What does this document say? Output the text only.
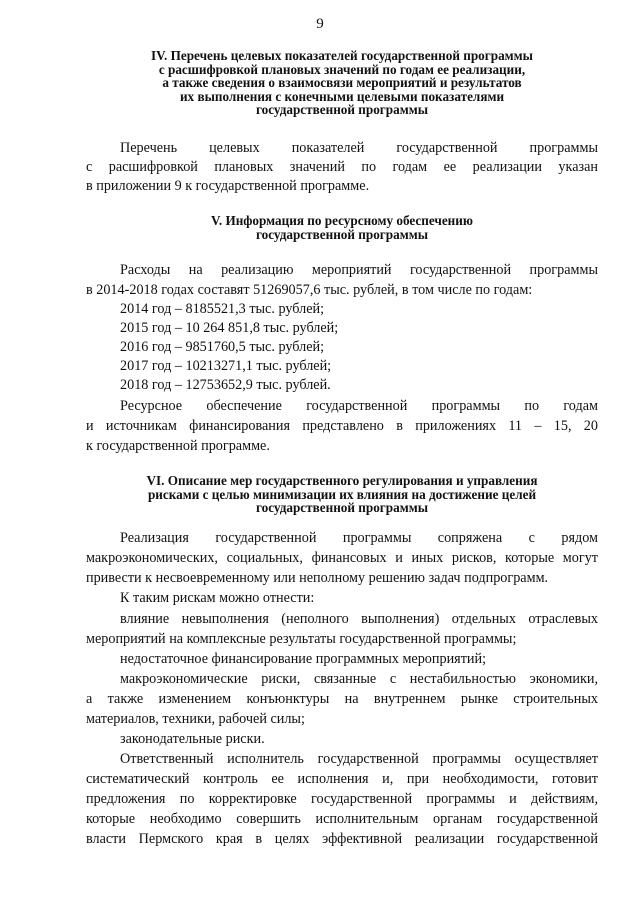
9
IV. Перечень целевых показателей государственной программы
с расшифровкой плановых значений по годам ее реализации,
а также сведения о взаимосвязи мероприятий и результатов
их выполнения с конечными целевыми показателями
государственной программы
Перечень целевых показателей государственной программы
с расшифровкой плановых значений по годам ее реализации указан
в приложении 9 к государственной программе.
V. Информация по ресурсному обеспечению
государственной программы
Расходы на реализацию мероприятий государственной программы
в 2014-2018 годах составят 51269057,6 тыс. рублей, в том числе по годам:
2014 год – 8185521,3 тыс. рублей;
2015 год – 10 264 851,8 тыс. рублей;
2016 год – 9851760,5 тыс. рублей;
2017 год – 10213271,1 тыс. рублей;
2018 год – 12753652,9 тыс. рублей.
Ресурсное обеспечение государственной программы по годам
и источникам финансирования представлено в приложениях 11 – 15, 20
к государственной программе.
VI. Описание мер государственного регулирования и управления
рисками с целью минимизации их влияния на достижение целей
государственной программы
Реализация государственной программы сопряжена с рядом
макроэкономических, социальных, финансовых и иных рисков, которые могут
привести к несвоевременному или неполному решению задач подпрограмм.
К таким рискам можно отнести:
влияние невыполнения (неполного выполнения) отдельных отраслевых
мероприятий на комплексные результаты государственной программы;
недостаточное финансирование программных мероприятий;
макроэкономические риски, связанные с нестабильностью экономики,
а также изменением конъюнктуры на внутреннем рынке строительных
материалов, техники, рабочей силы;
законодательные риски.
Ответственный исполнитель государственной программы осуществляет
систематический контроль ее исполнения и, при необходимости, готовит
предложения по корректировке государственной программы и действиям,
которые необходимо совершить исполнительным органам государственной
власти Пермского края в целях эффективной реализации государственной
